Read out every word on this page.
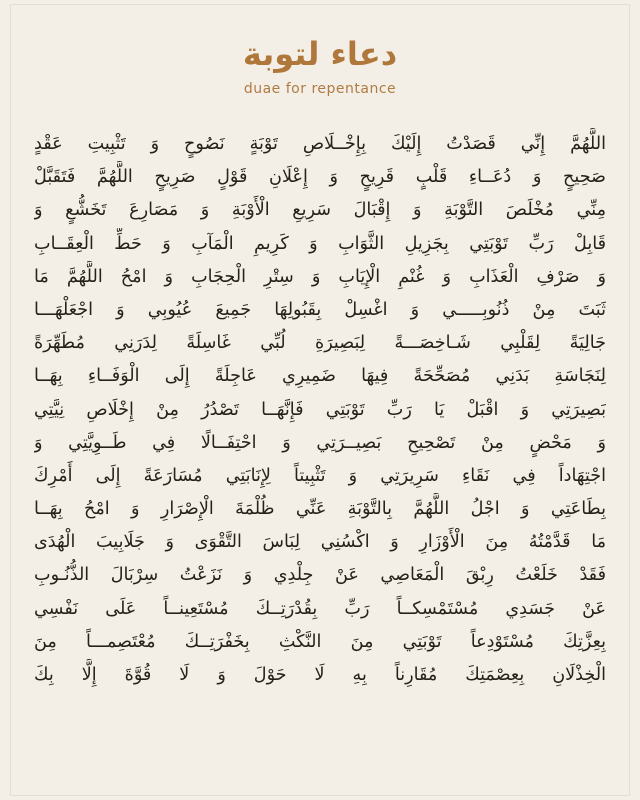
دعاء لتوبة
duae for repentance
اللَّهُمَّ إِنِّي قَصَدْتُ إِلَيْكَ بِإِخْــلَاصِ تَوْبَةٍ نَصُوحٍ وَ تَثْبِيتِ عَقْدٍ
صَحِيحٍ وَ دُعَــاءِ قَلْبٍ قَرِيحٍ وَ إِعْلَانِ قَوْلٍ صَرِيحٍ اللَّهُمَّ فَتَقَبَّلْ
مِنِّي مُخْلَصَ التَّوْبَةِ وَ إِقْبَالَ سَرِيعِ الْأَوْبَةِ وَ مَصَارِعَ تَخَشُّعٍ وَ
قَابِلْ رَبِّ تَوْبَتِي بِجَزِيلِ الثَّوَابِ وَ كَرِيمِ الْمَآبِ وَ حَطِّ الْعِقَــابِ
وَ صَرْفِ الْعَذَابِ وَ غُنْمِ الْإِيَابِ وَ سِتْرِ الْحِجَابِ وَ امْحُ اللَّهُمَّ مَا
ثَبَتَ مِنْ ذُنُوبِـــــي وَ اغْسِلْ بِقَبُولِهَا جَمِيعَ عُيُوبِي وَ اجْعَلْهَـــا
جَالِيَةً لِقَلْبِي شَـاخِصَـــةً لِبَصِيرَةِ لُبِّي غَاسِلَةً لِدَرَنِي مُطَهِّرَةً
لِنَجَاسَةِ بَدَنِي مُصَحِّحَةً فِيهَا ضَمِيرِي عَاجِلَةً إِلَى الْوَفَــاءِ بِهَــا
بَصِيرَتِي وَ اقْبَلْ يَا رَبِّ تَوْبَتِي فَإِنَّهَــا تَصْدُرُ مِنْ إِخْلَاصِ نِيَّتِي
وَ مَحْضٍ مِنْ تَصْحِيحِ بَصِيــرَتِي وَ احْتِفَــالًا فِي طَــوِيَّتِي وَ
اجْتِهَاداً فِي نَقَاءِ سَرِيرَتِي وَ تَثْبِيتاً لِإِنَابَتِي مُسَارَعَةً إِلَى أَمْرِكَ
بِطَاعَتِي وَ اجْلُ اللَّهُمَّ بِالتَّوْبَةِ عَنِّي ظُلْمَةَ الْإِصْرَارِ وَ امْحُ بِهَــا
مَا قَدَّمْتُهُ مِنَ الْأَوْزَارِ وَ اكْسُنِي لِبَاسَ التَّقْوَى وَ جَلَابِيبَ الْهُدَى
فَقَدْ خَلَعْتُ رِبْقَ الْمَعَاصِي عَنْ جِلْدِي وَ نَزَعْتُ سِرْبَالَ الذُّنُـوبِ
عَنْ جَسَدِي مُسْتَمْسِكــاً رَبِّ بِقُدْرَتِــكَ مُسْتَعِينــاً عَلَى نَفْسِي
بِعِزَّتِكَ مُسْتَوْدِعاً تَوْبَتِي مِنَ النَّكْثِ بِخَفْرَتِــكَ مُعْتَصِمـــاً مِنَ
الْخِذْلَانِ بِعِصْمَتِكَ مُقَارِناً بِهِ لَا حَوْلَ وَ لَا قُوَّةَ إِلَّا بِكَ
